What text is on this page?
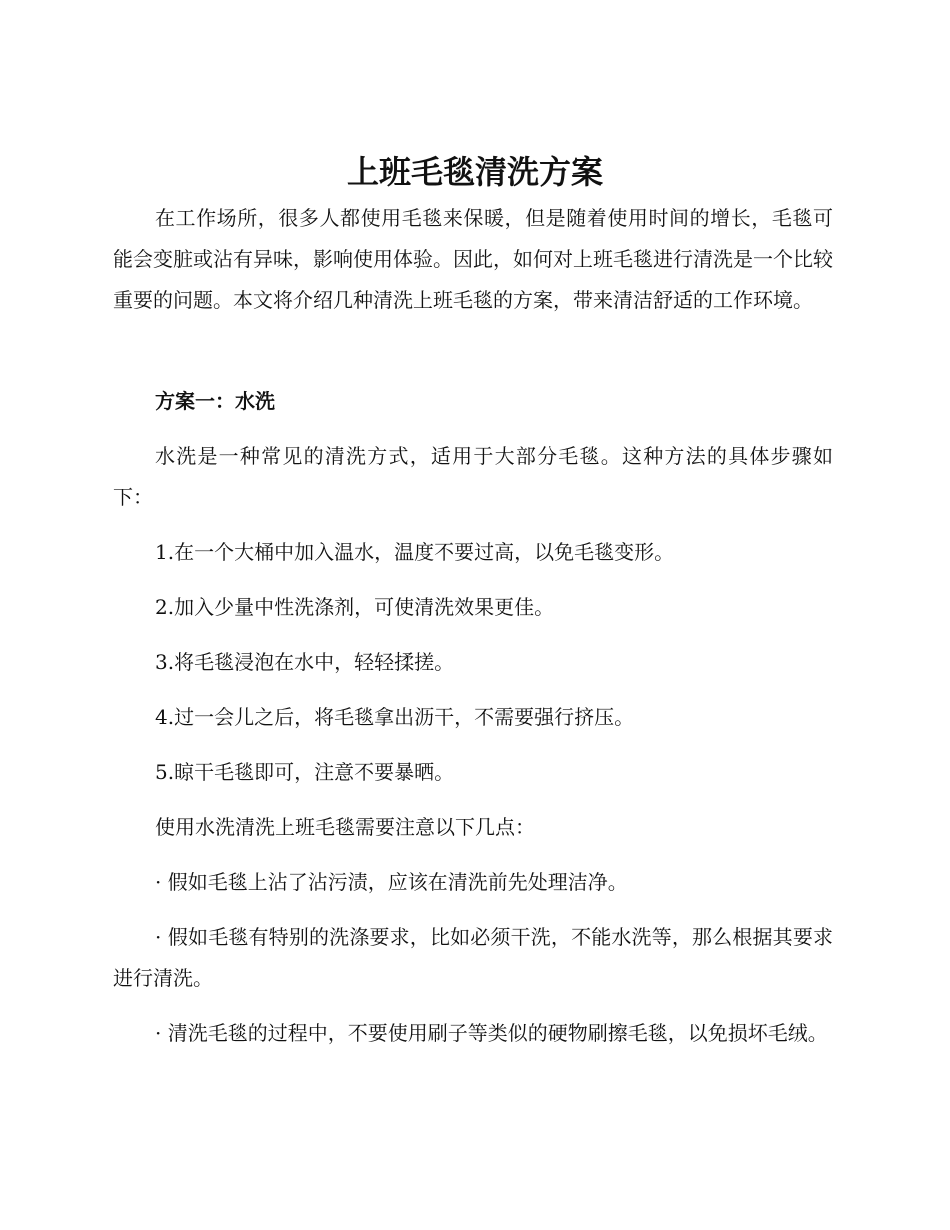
上班毛毯清洗方案

在工作场所，很多人都使用毛毯来保暖，但是随着使用时间的增长，毛毯可能会变脏或沾有异味，影响使用体验。因此，如何对上班毛毯进行清洗是一个比较重要的问题。本文将介绍几种清洗上班毛毯的方案，带来清洁舒适的工作环境。

方案一：水洗

水洗是一种常见的清洗方式，适用于大部分毛毯。这种方法的具体步骤如下：

1.在一个大桶中加入温水，温度不要过高，以免毛毯变形。

2.加入少量中性洗涤剂，可使清洗效果更佳。

3.将毛毯浸泡在水中，轻轻揉搓。

4.过一会儿之后，将毛毯拿出沥干，不需要强行挤压。

5.晾干毛毯即可，注意不要暴晒。

使用水洗清洗上班毛毯需要注意以下几点：

· 假如毛毯上沾了沾污渍，应该在清洗前先处理洁净。

· 假如毛毯有特别的洗涤要求，比如必须干洗，不能水洗等，那么根据其要求进行清洗。

· 清洗毛毯的过程中，不要使用刷子等类似的硬物刷擦毛毯，以免损坏毛绒。
